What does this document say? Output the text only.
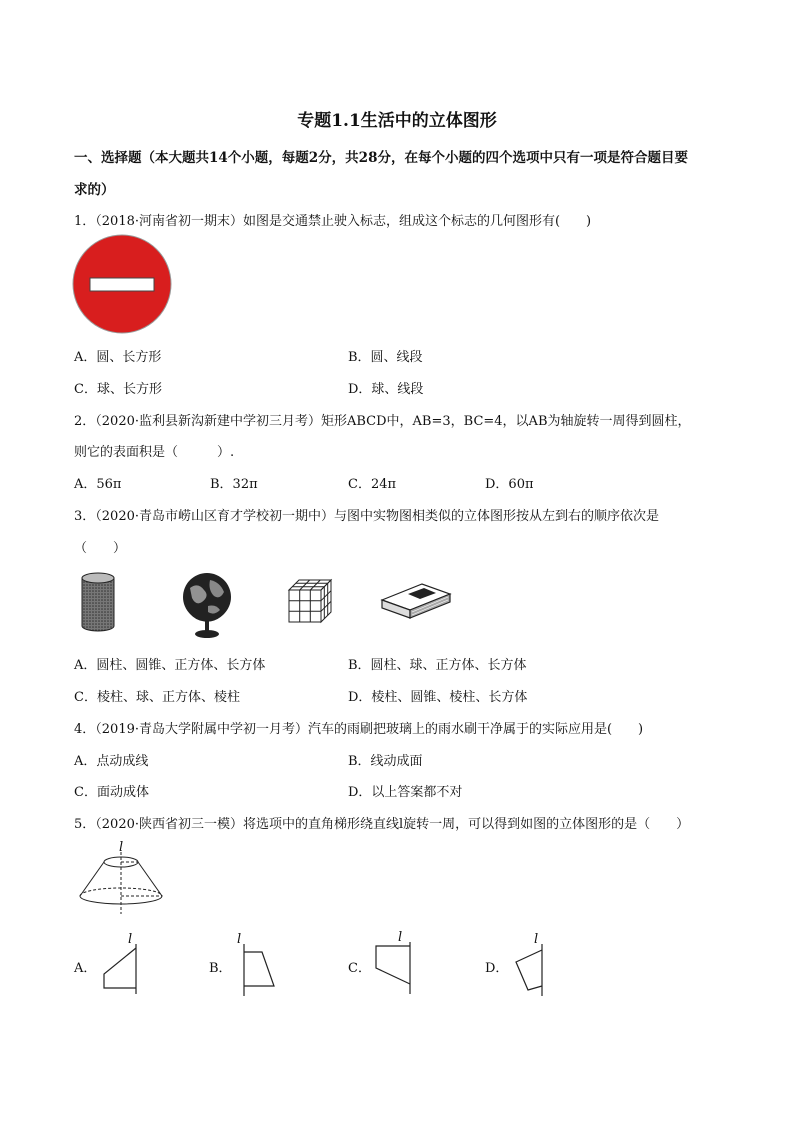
专题1.1生活中的立体图形
一、选择题（本大题共14个小题，每题2分，共28分，在每个小题的四个选项中只有一项是符合题目要
求的）
1．（2018·河南省初一期末）如图是交通禁止驶入标志，组成这个标志的几何图形有(　　)
A．圆、长方形	B．圆、线段
C．球、长方形	D．球、线段
2．（2020·监利县新沟新建中学初三月考）矩形ABCD中，AB=3，BC=4，以AB为轴旋转一周得到圆柱，
则它的表面积是（　　　）.
A．56π	B．32π	C．24π	D．60π
3．（2020·青岛市崂山区育才学校初一期中）与图中实物图相类似的立体图形按从左到右的顺序依次是
（　　）
A．圆柱、圆锥、正方体、长方体	B．圆柱、球、正方体、长方体
C．棱柱、球、正方体、棱柱	D．棱柱、圆锥、棱柱、长方体
4．（2019·青岛大学附属中学初一月考）汽车的雨刷把玻璃上的雨水刷干净属于的实际应用是(　　)
A．点动成线	B．线动成面
C．面动成体	D．以上答案都不对
5．（2020·陕西省初三一模）将选项中的直角梯形绕直线l旋转一周，可以得到如图的立体图形的是（　　）
l
A．
l
B．
l
C．
l
D．
l
